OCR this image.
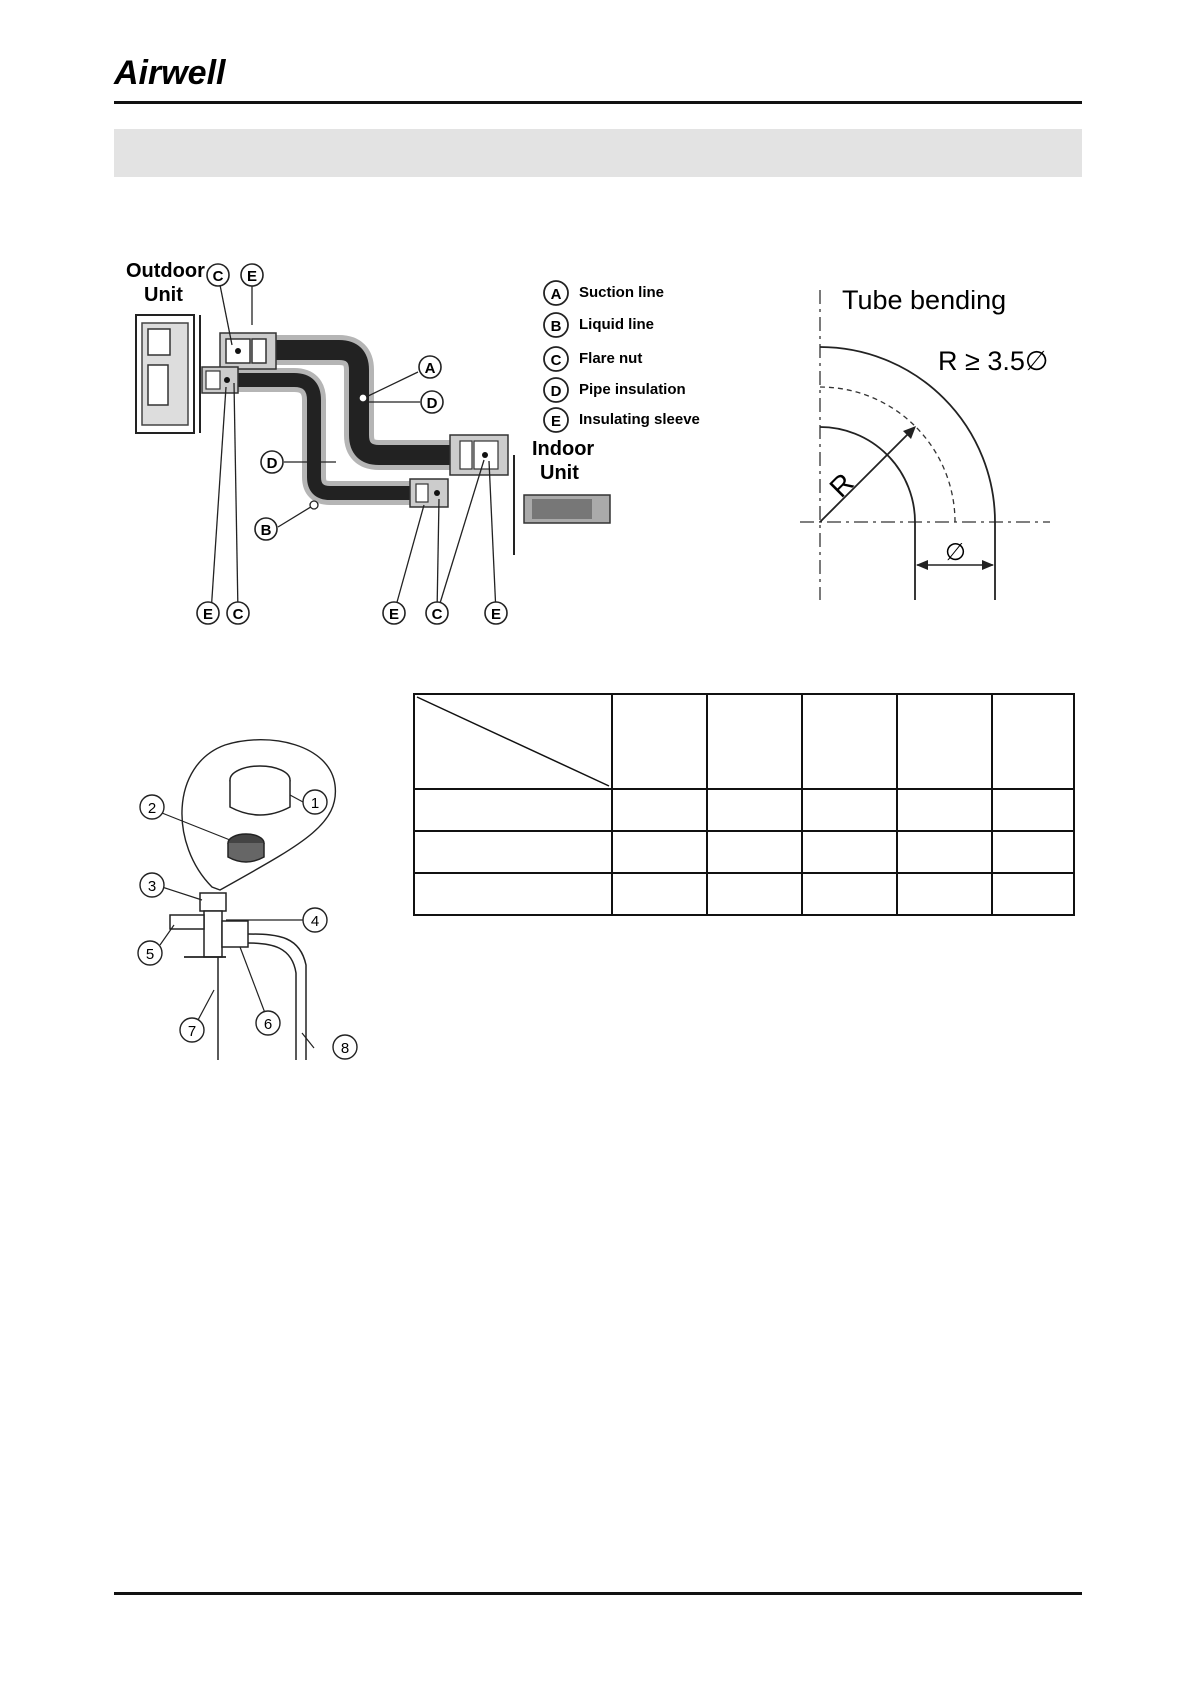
Airwell
Outdoor
Unit
Indoor
Unit
A Suction line
B Liquid line
C Flare nut
D Pipe insulation
E Insulating sleeve
C E
A
D
D
B
E C	E C	E
Tube bending
R ≥ 3.5∅
R
∅
1
2
3
4
5
6
7
8
